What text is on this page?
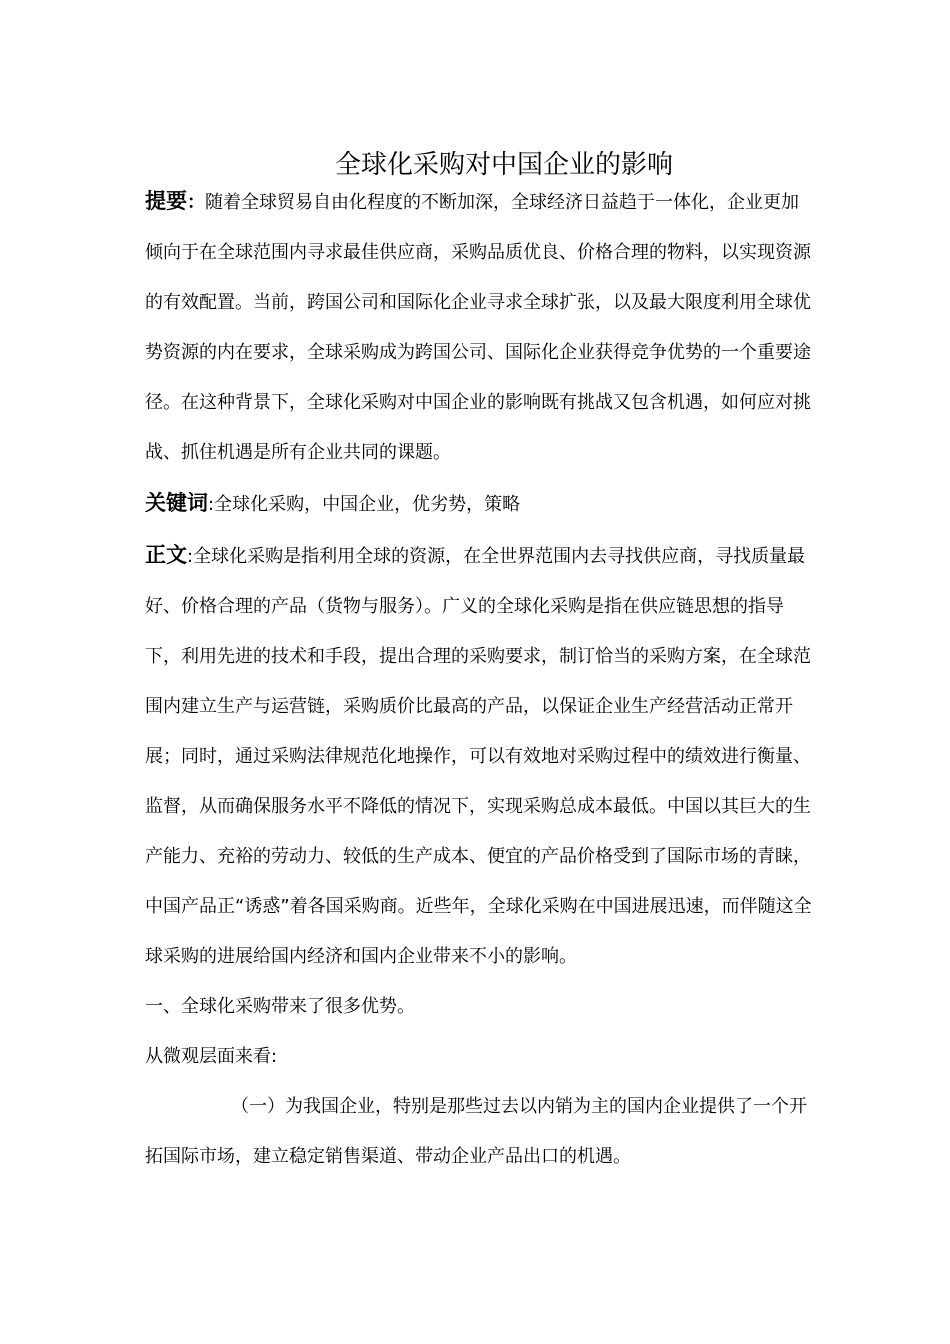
全球化采购对中国企业的影响

提要：随着全球贸易自由化程度的不断加深，全球经济日益趋于一体化，企业更加倾向于在全球范围内寻求最佳供应商，采购品质优良、价格合理的物料，以实现资源的有效配置。当前，跨国公司和国际化企业寻求全球扩张，以及最大限度利用全球优势资源的内在要求，全球采购成为跨国公司、国际化企业获得竞争优势的一个重要途径。在这种背景下，全球化采购对中国企业的影响既有挑战又包含机遇，如何应对挑战、抓住机遇是所有企业共同的课题。

关键词:全球化采购，中国企业，优劣势，策略

正文:全球化采购是指利用全球的资源，在全世界范围内去寻找供应商，寻找质量最好、价格合理的产品（货物与服务）。广义的全球化采购是指在供应链思想的指导下，利用先进的技术和手段，提出合理的采购要求，制订恰当的采购方案，在全球范围内建立生产与运营链，采购质价比最高的产品，以保证企业生产经营活动正常开展；同时，通过采购法律规范化地操作，可以有效地对采购过程中的绩效进行衡量、监督，从而确保服务水平不降低的情况下，实现采购总成本最低。中国以其巨大的生产能力、充裕的劳动力、较低的生产成本、便宜的产品价格受到了国际市场的青睐，中国产品正“诱惑”着各国采购商。近些年，全球化采购在中国进展迅速，而伴随这全球采购的进展给国内经济和国内企业带来不小的影响。

一、全球化采购带来了很多优势。

从微观层面来看:

（一）为我国企业，特别是那些过去以内销为主的国内企业提供了一个开拓国际市场，建立稳定销售渠道、带动企业产品出口的机遇。
